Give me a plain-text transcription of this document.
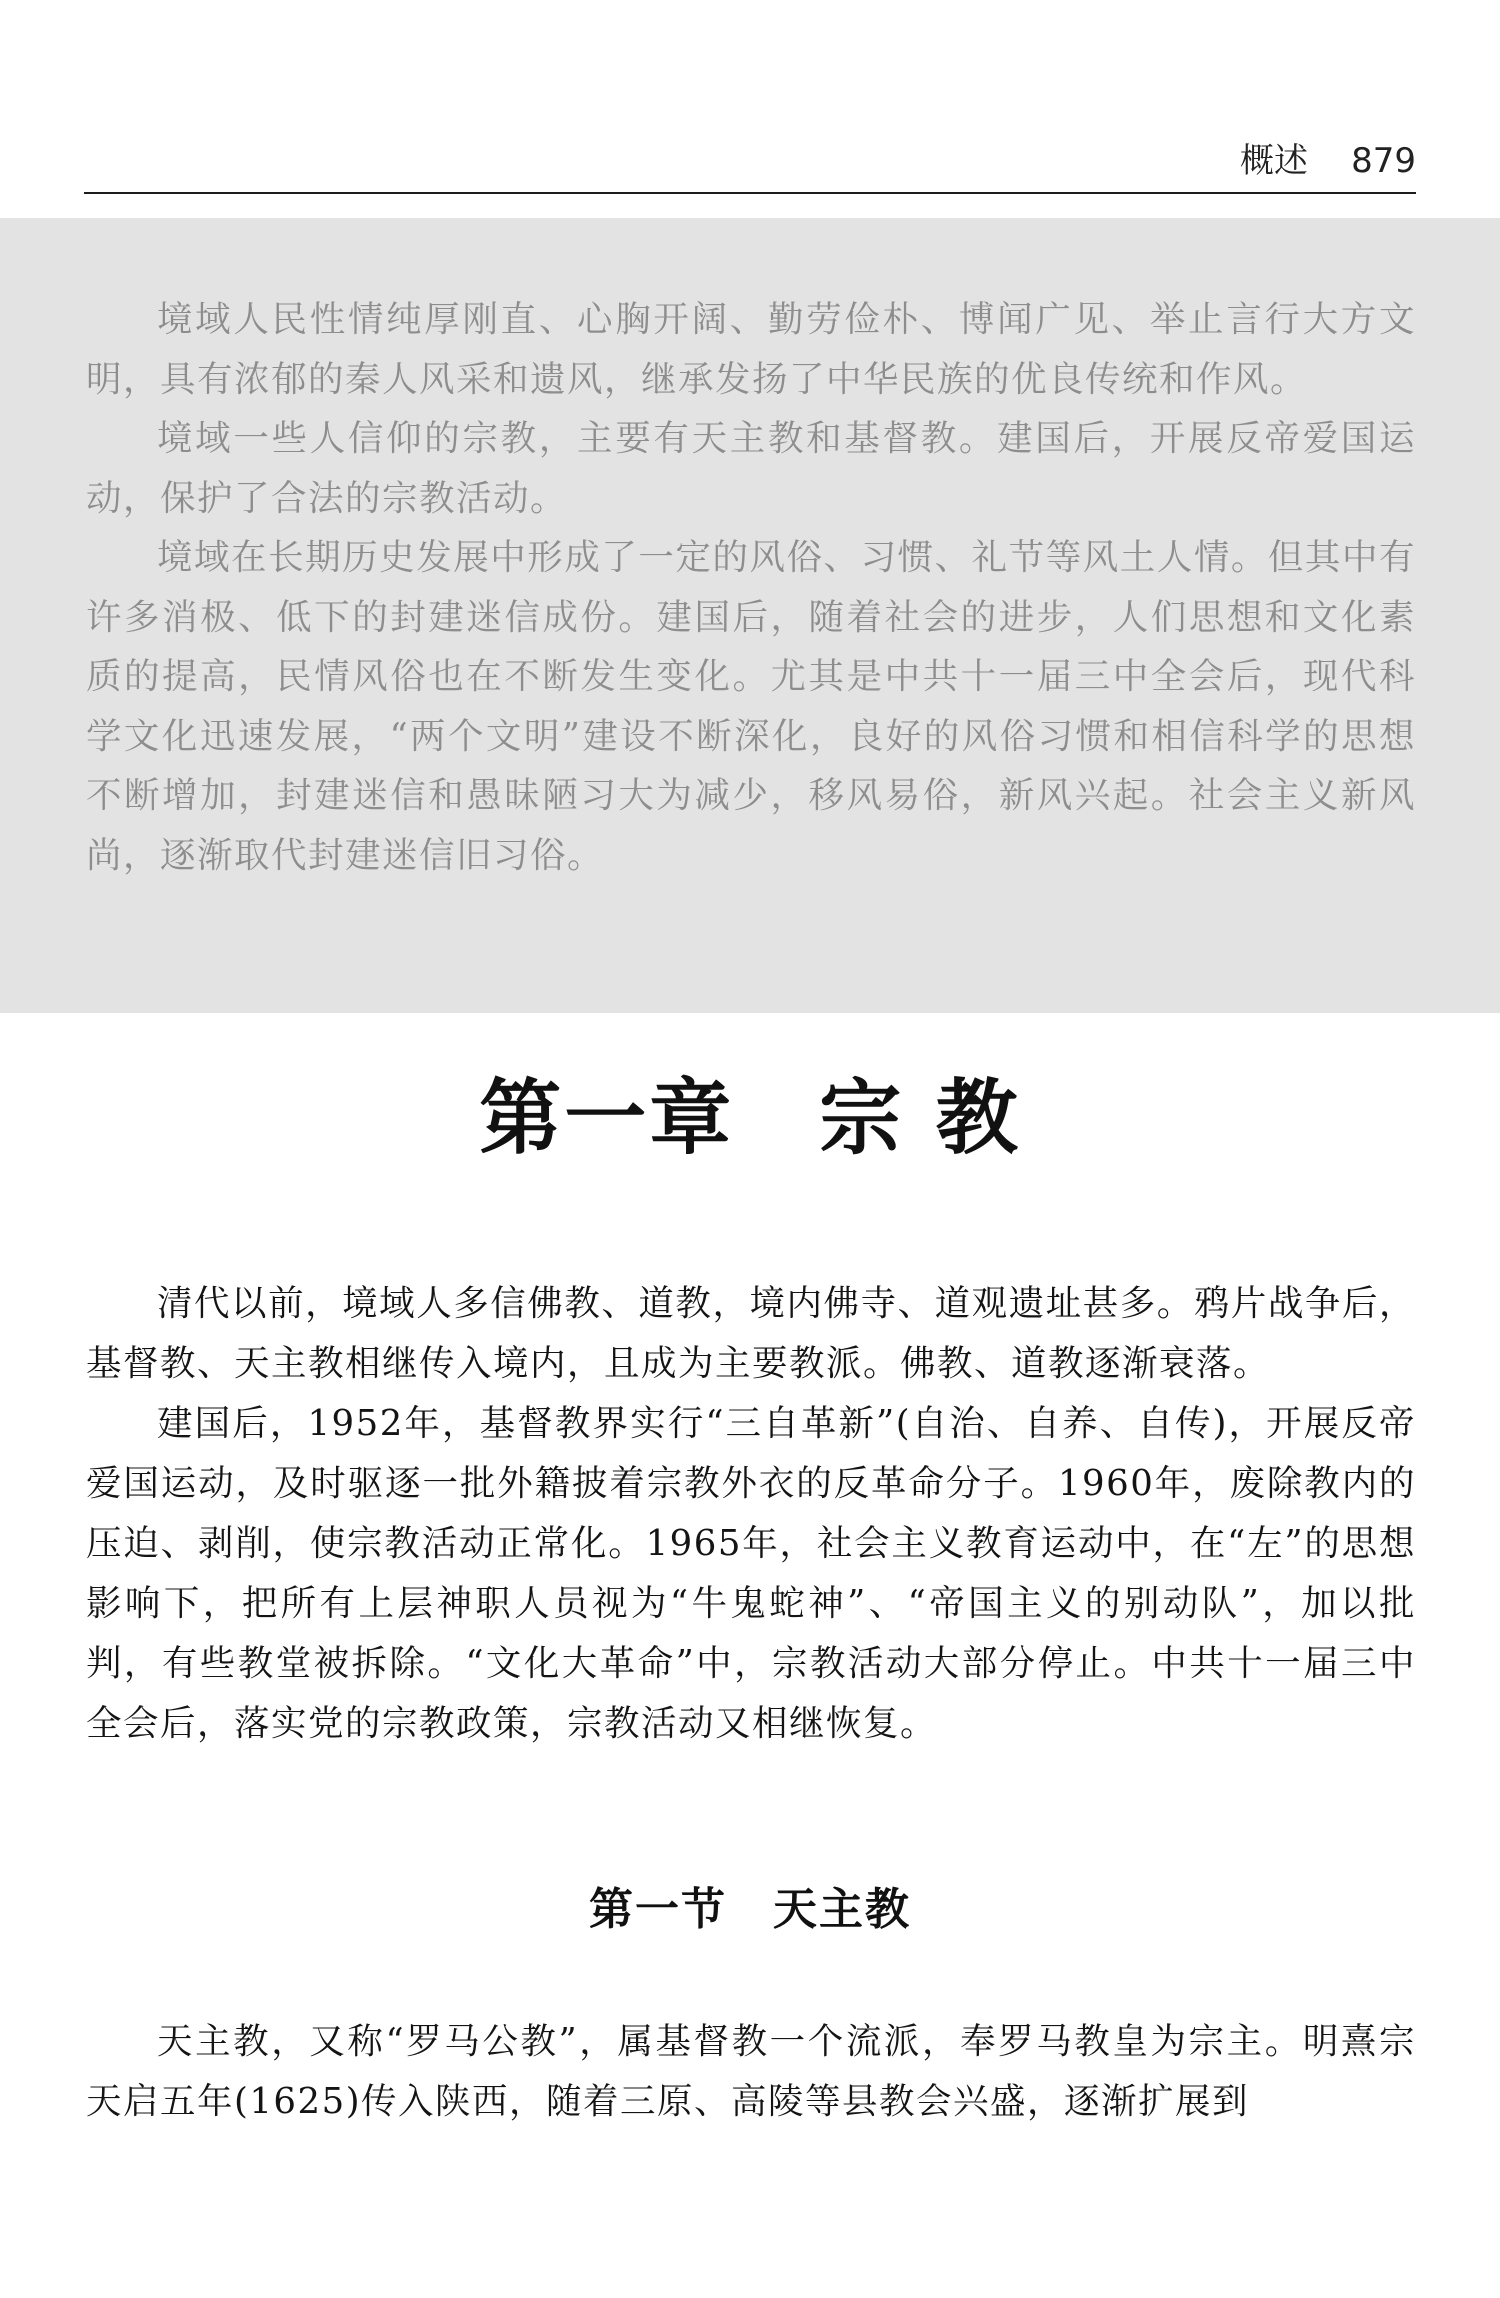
概述 879

境域人民性情纯厚刚直、心胸开阔、勤劳俭朴、博闻广见、举止言行大方文明，具有浓郁的秦人风采和遗风，继承发扬了中华民族的优良传统和作风。

境域一些人信仰的宗教，主要有天主教和基督教。建国后，开展反帝爱国运动，保护了合法的宗教活动。

境域在长期历史发展中形成了一定的风俗、习惯、礼节等风土人情。但其中有许多消极、低下的封建迷信成份。建国后，随着社会的进步，人们思想和文化素质的提高，民情风俗也在不断发生变化。尤其是中共十一届三中全会后，现代科学文化迅速发展，“两个文明”建设不断深化，良好的风俗习惯和相信科学的思想不断增加，封建迷信和愚昧陋习大为减少，移风易俗，新风兴起。社会主义新风尚，逐渐取代封建迷信旧习俗。

第一章　宗 教

清代以前，境域人多信佛教、道教，境内佛寺、道观遗址甚多。鸦片战争后，基督教、天主教相继传入境内，且成为主要教派。佛教、道教逐渐衰落。

建国后，1952年，基督教界实行“三自革新”(自治、自养、自传)，开展反帝爱国运动，及时驱逐一批外籍披着宗教外衣的反革命分子。1960年，废除教内的压迫、剥削，使宗教活动正常化。1965年，社会主义教育运动中，在“左”的思想影响下，把所有上层神职人员视为“牛鬼蛇神”、“帝国主义的别动队”，加以批判，有些教堂被拆除。“文化大革命”中，宗教活动大部分停止。中共十一届三中全会后，落实党的宗教政策，宗教活动又相继恢复。

第一节　天主教

天主教，又称“罗马公教”，属基督教一个流派，奉罗马教皇为宗主。明熹宗天启五年(1625)传入陕西，随着三原、高陵等县教会兴盛，逐渐扩展到
